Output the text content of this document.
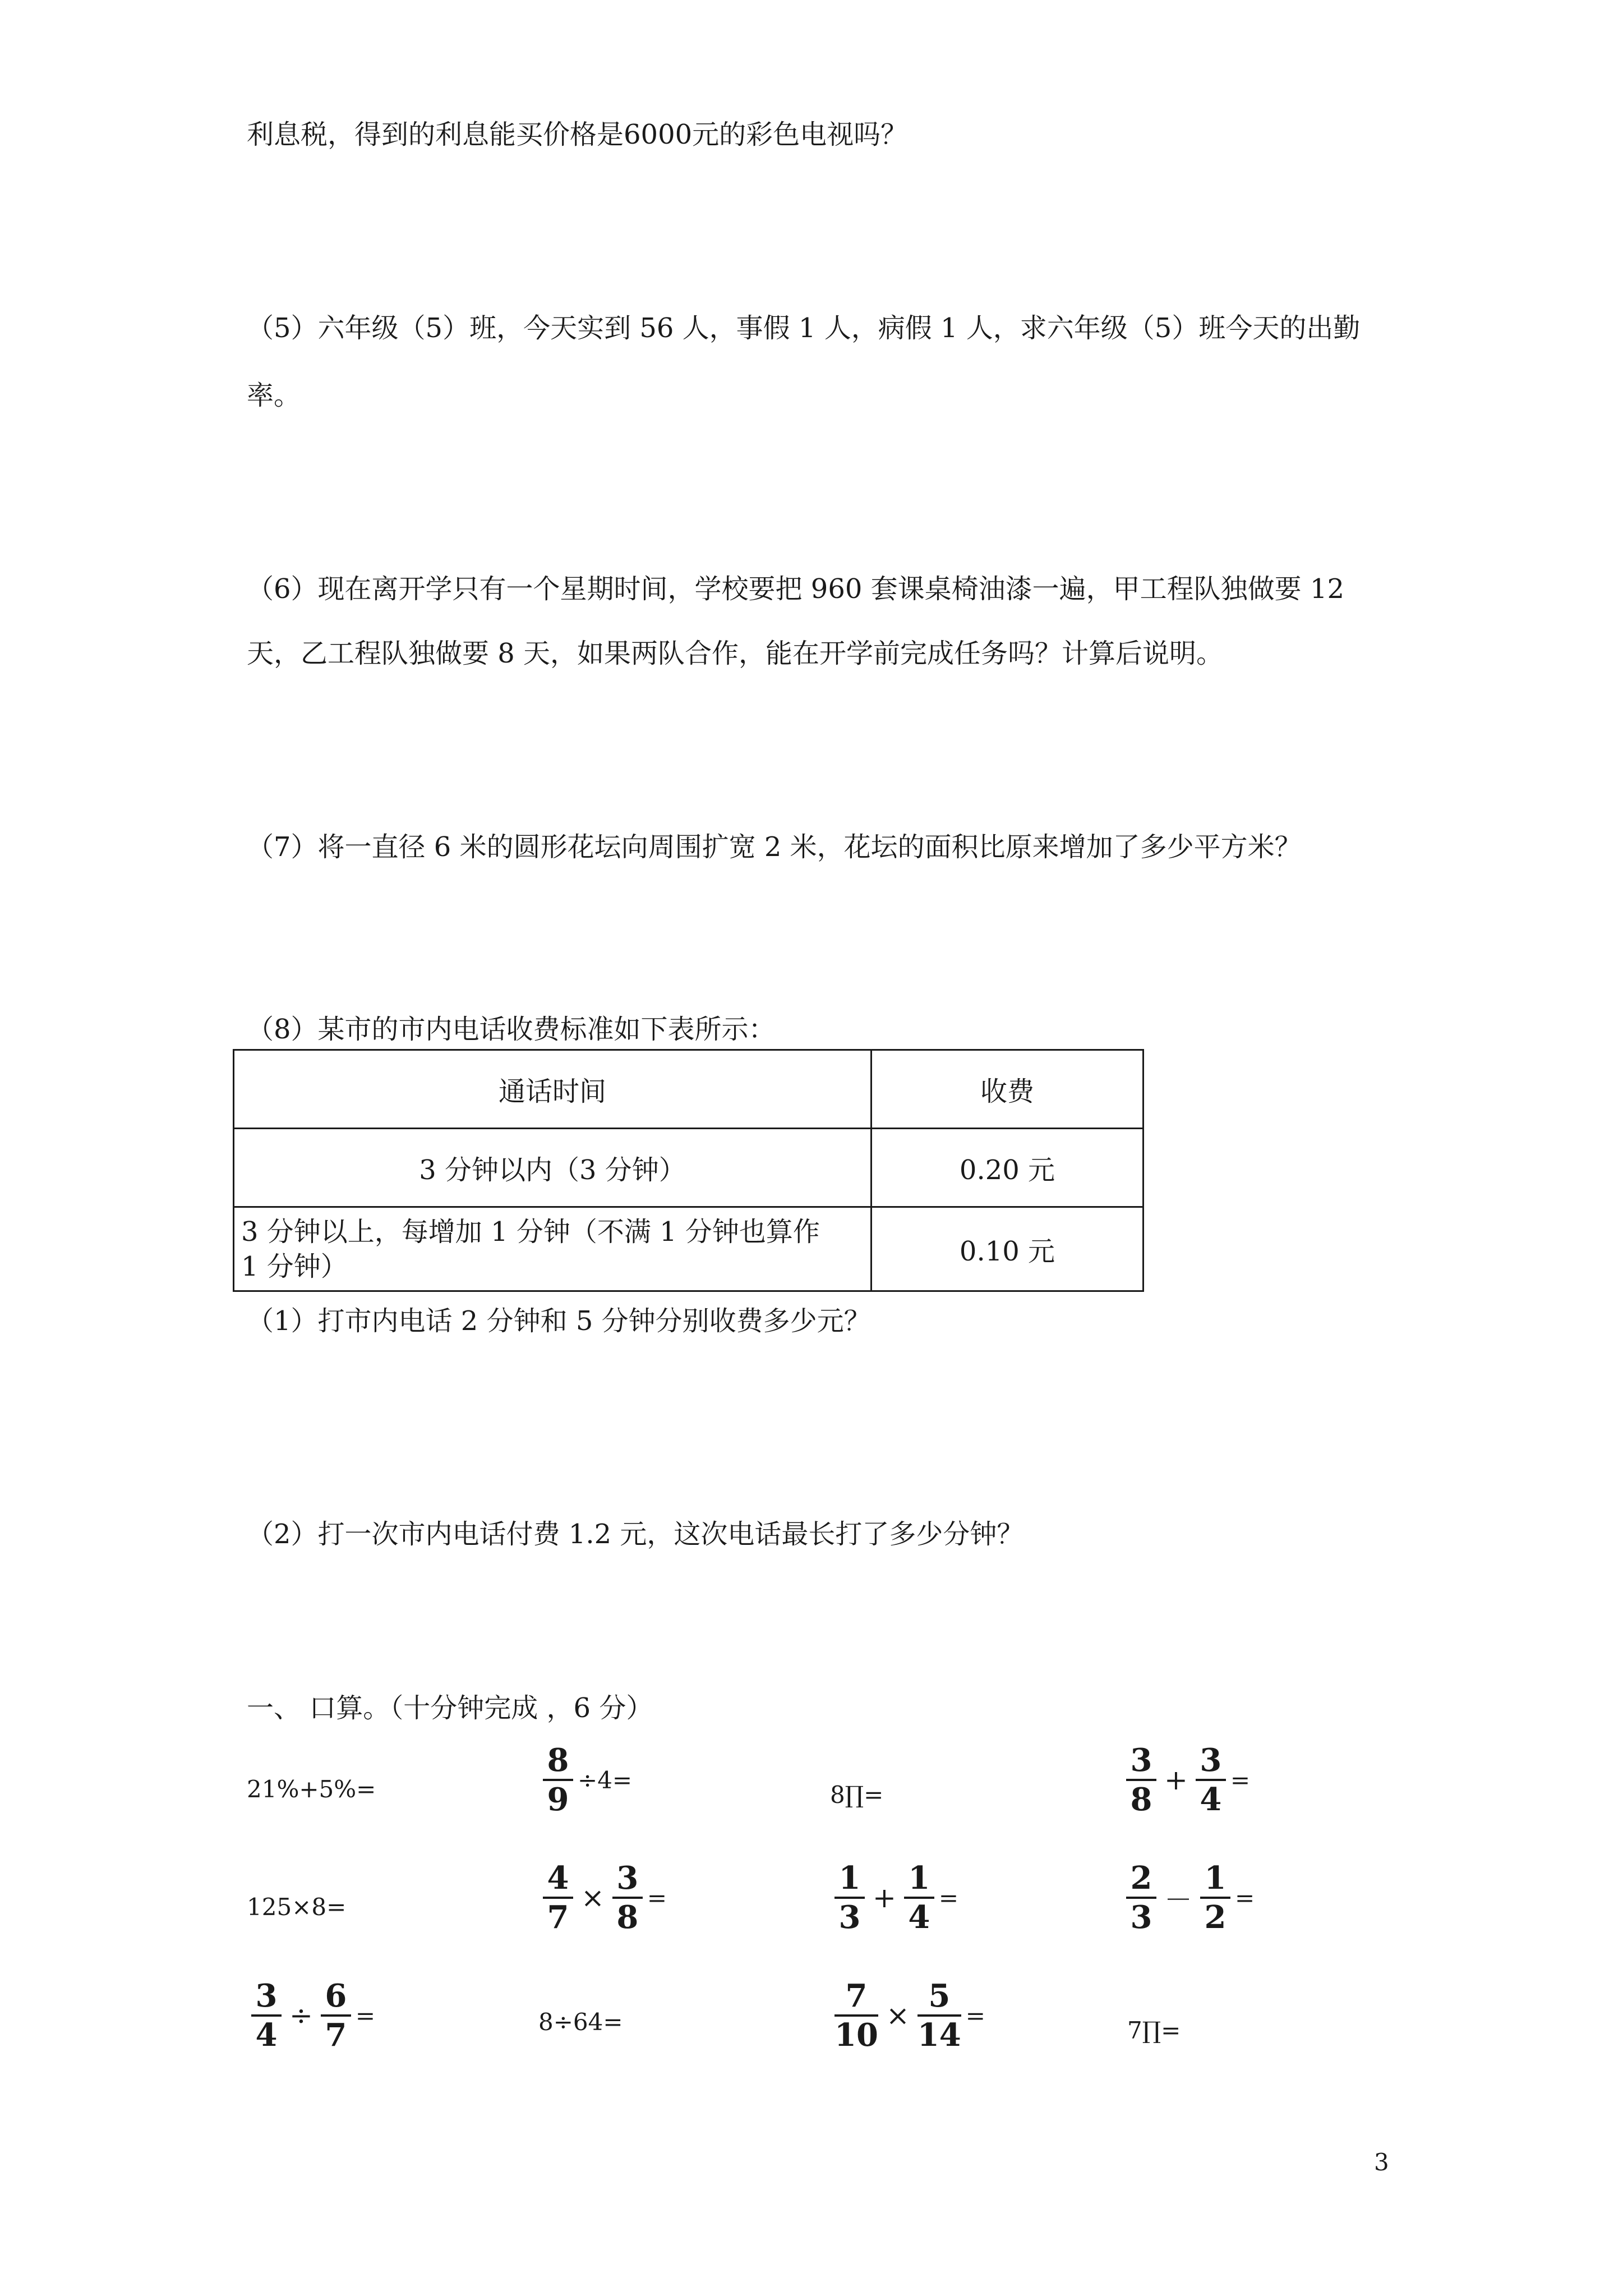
利息税，得到的利息能买价格是6000元的彩色电视吗？
（5）六年级（5）班，今天实到 56 人，事假 1 人，病假 1 人，求六年级（5）班今天的出勤
率。
（6）现在离开学只有一个星期时间，学校要把 960 套课桌椅油漆一遍，甲工程队独做要 12
天，乙工程队独做要 8 天，如果两队合作，能在开学前完成任务吗？计算后说明。
（7）将一直径 6 米的圆形花坛向周围扩宽 2 米，花坛的面积比原来增加了多少平方米？
（8）某市的市内电话收费标准如下表所示：
通话时间	收费
3 分钟以内（3 分钟）	0.20 元

3 分钟以上，每增加 1 分钟（不满 1 分钟也算作
1 分钟）	0.10 元
（1）打市内电话 2 分钟和 5 分钟分别收费多少元？
（2）打一次市内电话付费 1.2 元，这次电话最长打了多少分钟？
一、 口算。（十分钟完成 ，6 分）
21%+5%=	$\frac{8}{9} \div 4=$
8∏=	$\frac{3}{8} + \frac{3}{4}$ =
125×8=	$\frac{4}{7} \times \frac{3}{8}$ =	$\frac{1}{3} + \frac{1}{4}$ =	$\frac{2}{3} - \frac{1}{2}$ =
$\frac{3}{4} \div \frac{6}{7}$ =	8÷64=	$\frac{7}{10} \times \frac{5}{14}$ =
7∏=
3
